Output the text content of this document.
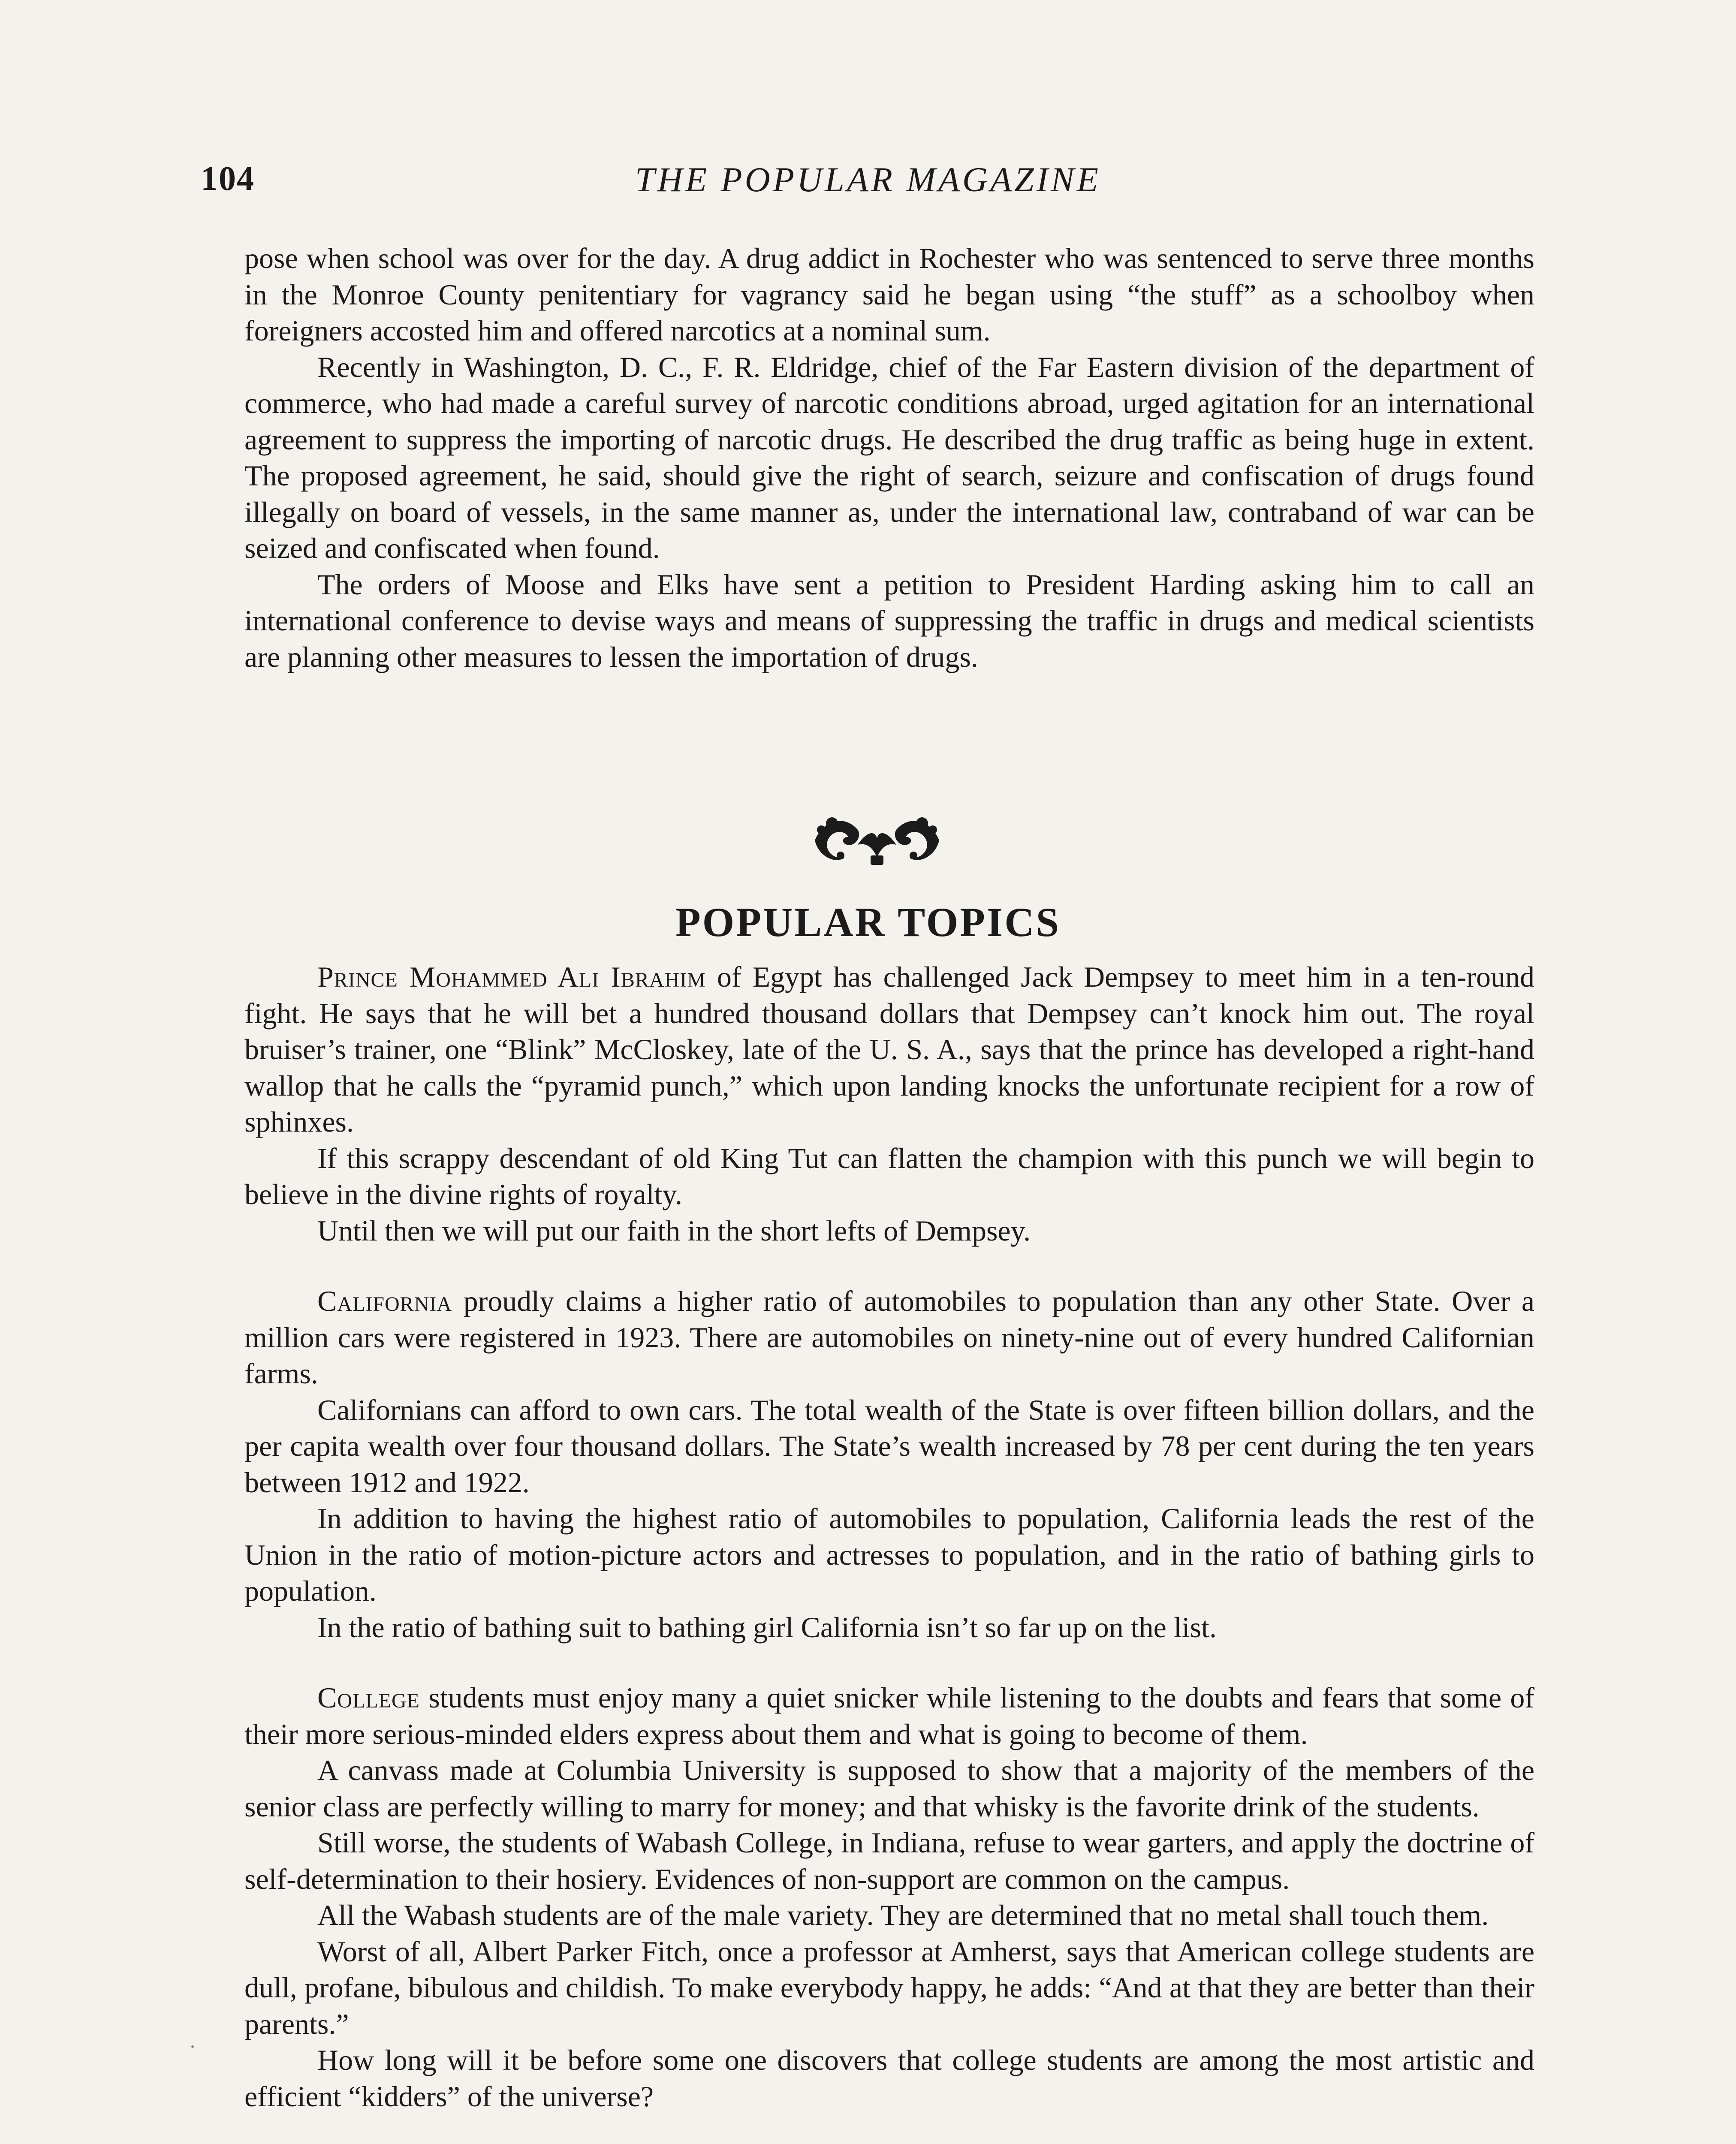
104	THE POPULAR MAGAZINE

pose when school was over for the day. A drug addict in Rochester who was sentenced to serve three months in the Monroe County penitentiary for vagrancy said he began using “the stuff” as a schoolboy when foreigners accosted him and offered narcotics at a nominal sum.

Recently in Washington, D. C., F. R. Eldridge, chief of the Far Eastern division of the department of commerce, who had made a careful survey of narcotic conditions abroad, urged agitation for an international agreement to suppress the importing of narcotic drugs. He described the drug traffic as being huge in extent. The proposed agreement, he said, should give the right of search, seizure and confiscation of drugs found illegally on board of vessels, in the same manner as, under the international law, contraband of war can be seized and confiscated when found.

The orders of Moose and Elks have sent a petition to President Harding asking him to call an international conference to devise ways and means of suppressing the traffic in drugs and medical scientists are planning other measures to lessen the importation of drugs.

POPULAR TOPICS

Prince Mohammed Ali Ibrahim of Egypt has challenged Jack Dempsey to meet him in a ten-round fight. He says that he will bet a hundred thousand dollars that Dempsey can’t knock him out. The royal bruiser’s trainer, one “Blink” McCloskey, late of the U. S. A., says that the prince has developed a right-hand wallop that he calls the “pyramid punch,” which upon landing knocks the unfortunate recipient for a row of sphinxes.

If this scrappy descendant of old King Tut can flatten the champion with this punch we will begin to believe in the divine rights of royalty.

Until then we will put our faith in the short lefts of Dempsey.

California proudly claims a higher ratio of automobiles to population than any other State. Over a million cars were registered in 1923. There are automobiles on ninety-nine out of every hundred Californian farms.

Californians can afford to own cars. The total wealth of the State is over fifteen billion dollars, and the per capita wealth over four thousand dollars. The State’s wealth increased by 78 per cent during the ten years between 1912 and 1922.

In addition to having the highest ratio of automobiles to population, California leads the rest of the Union in the ratio of motion-picture actors and actresses to population, and in the ratio of bathing girls to population.

In the ratio of bathing suit to bathing girl California isn’t so far up on the list.

College students must enjoy many a quiet snicker while listening to the doubts and fears that some of their more serious-minded elders express about them and what is going to become of them.

A canvass made at Columbia University is supposed to show that a majority of the members of the senior class are perfectly willing to marry for money; and that whisky is the favorite drink of the students.

Still worse, the students of Wabash College, in Indiana, refuse to wear garters, and apply the doctrine of self-determination to their hosiery. Evidences of non-support are common on the campus.

All the Wabash students are of the male variety. They are determined that no metal shall touch them.

Worst of all, Albert Parker Fitch, once a professor at Amherst, says that American college students are dull, profane, bibulous and childish. To make everybody happy, he adds: “And at that they are better than their parents.”

How long will it be before some one discovers that college students are among the most artistic and efficient “kidders” of the universe?
